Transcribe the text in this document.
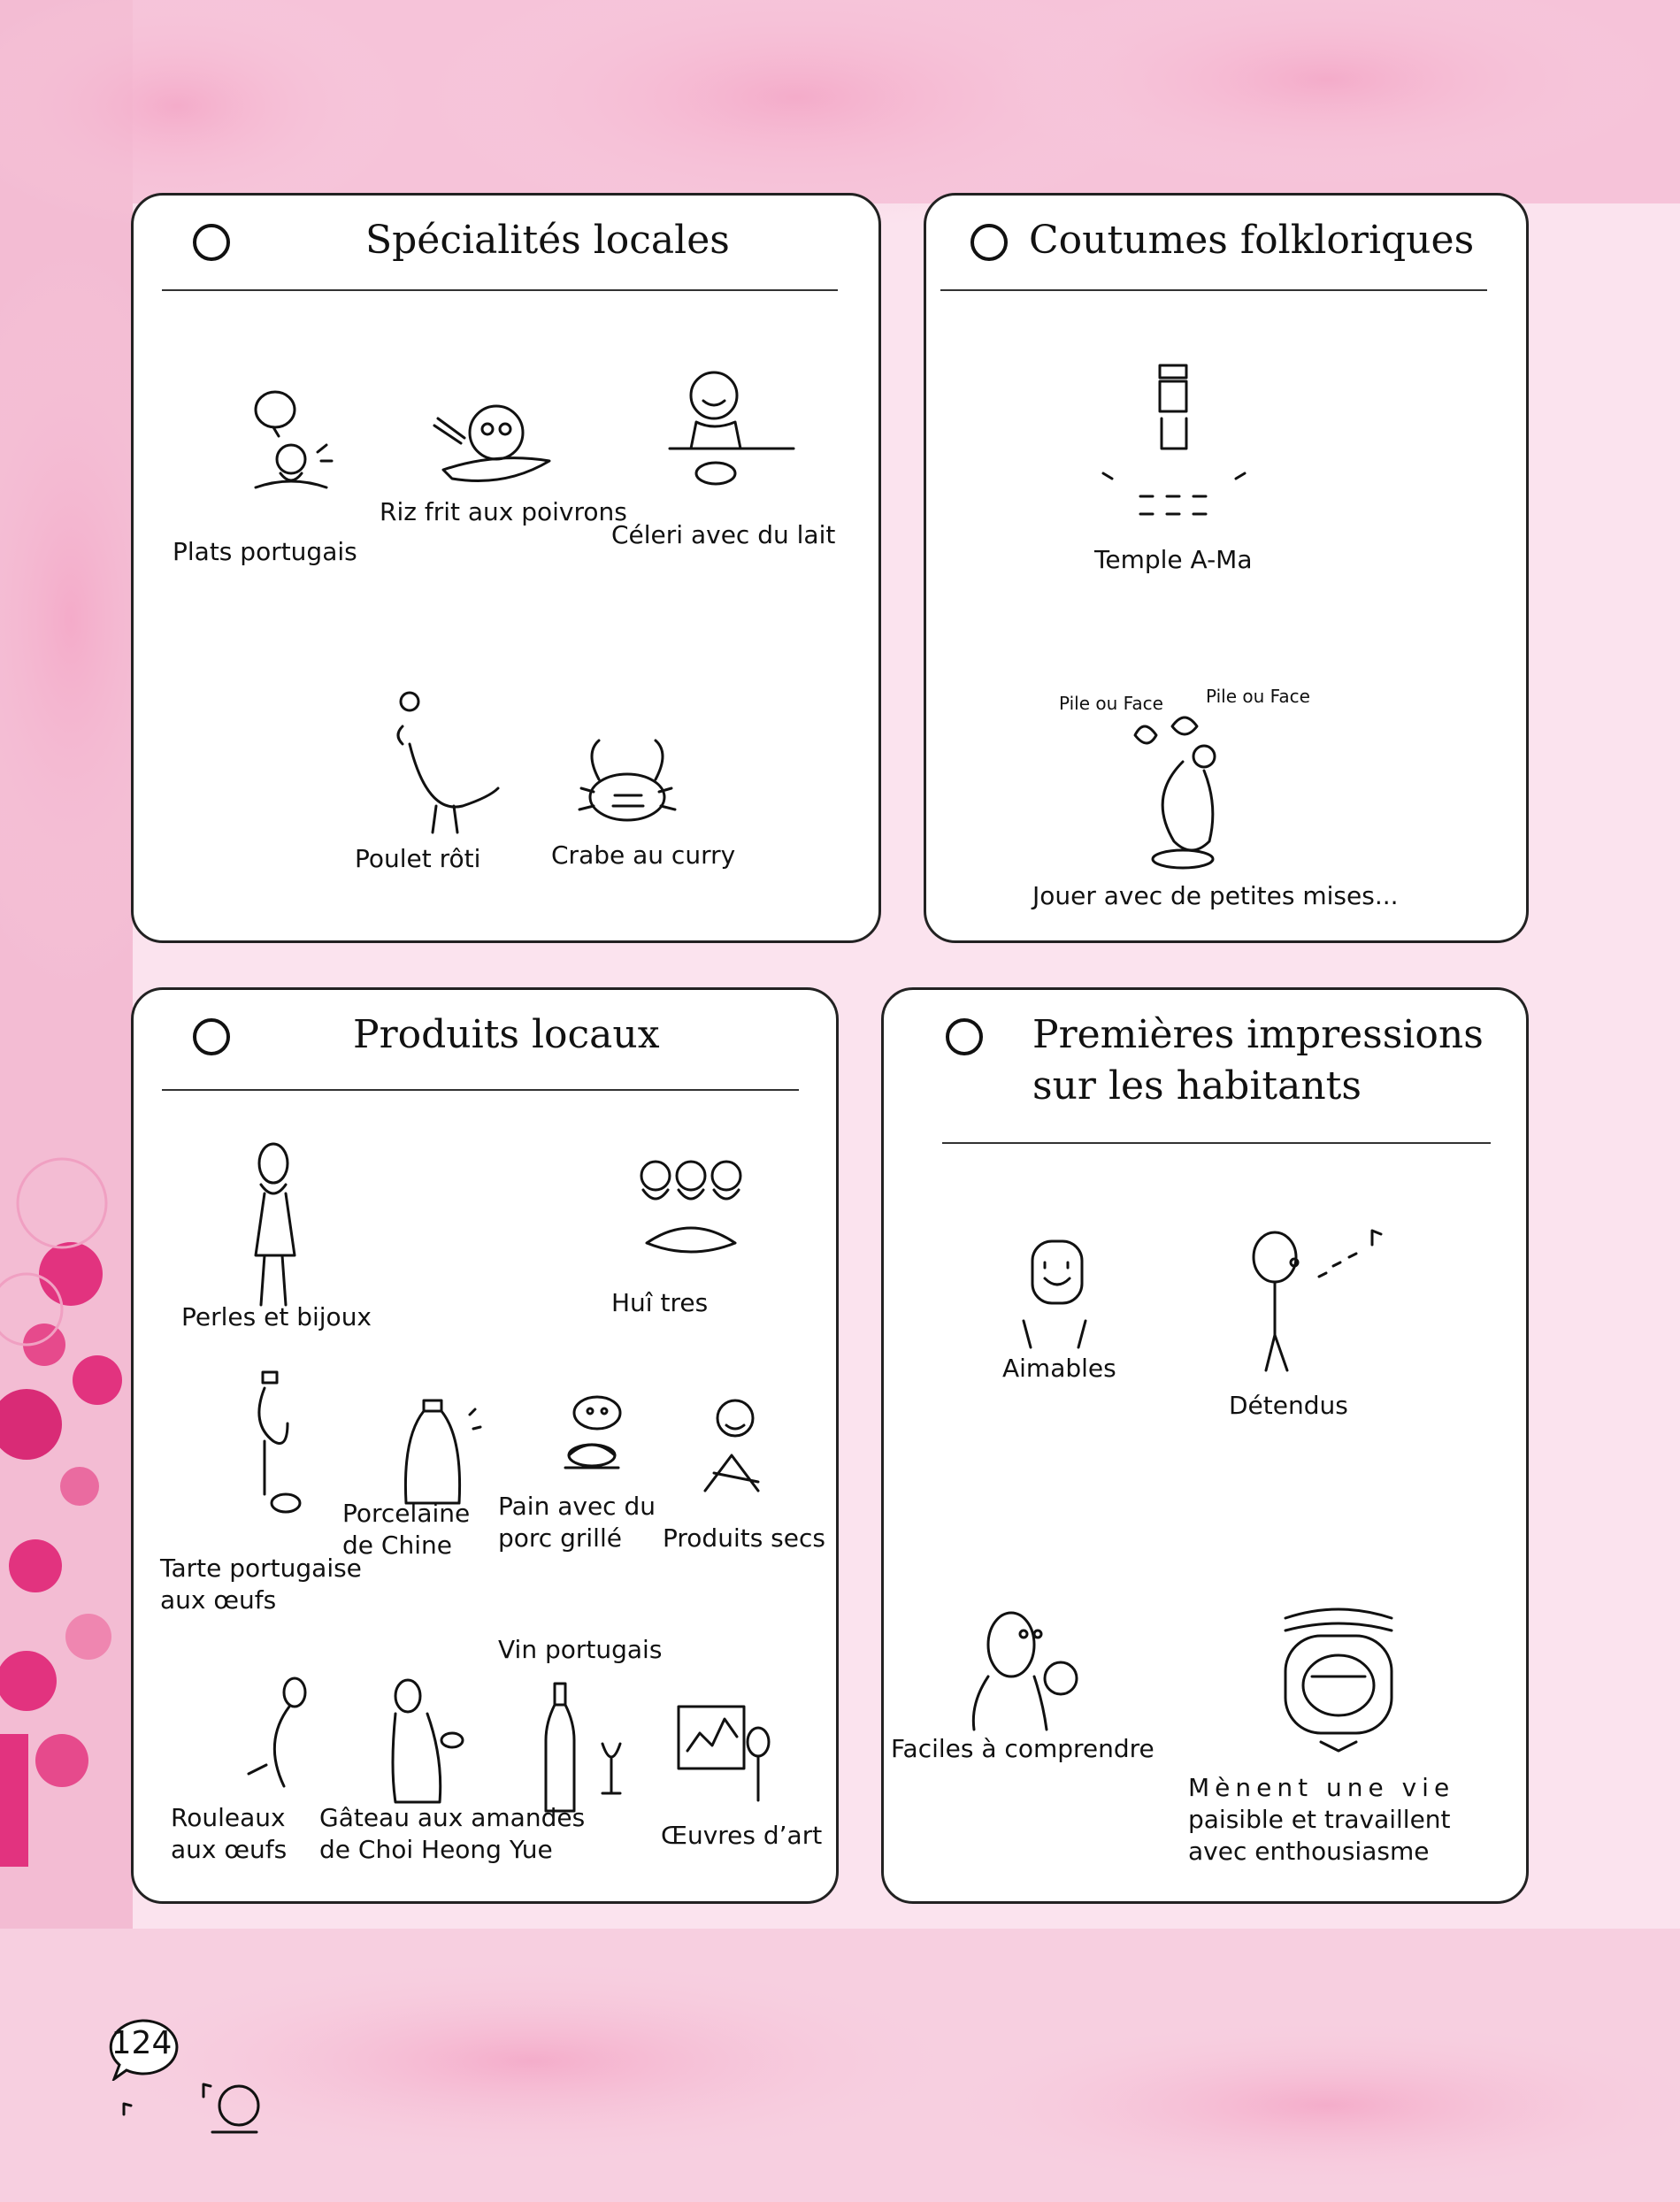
Spécialités locales
Plats portugais
Riz frit aux poivrons
Céleri avec du lait
Poulet rôti	Crabe au curry
Coutumes folkloriques
Temple A-Ma
Pile ou Face Pile ou Face
Jouer avec de petites mises...
Produits locaux
Perles et bijoux	Huî tres
Tarte portugaise
aux œufs
Porcelaine
de Chine
Pain avec du
porc grillé Produits secs
Vin portugais
Rouleaux
aux œufs
Gâteau aux amandes
de Choi Heong Yue	Œuvres d’art
Premières impressions
sur les habitants
Aimables
Détendus
Faciles à comprendre
Mènent une vie
paisible et travaillent
avec enthousiasme
124
